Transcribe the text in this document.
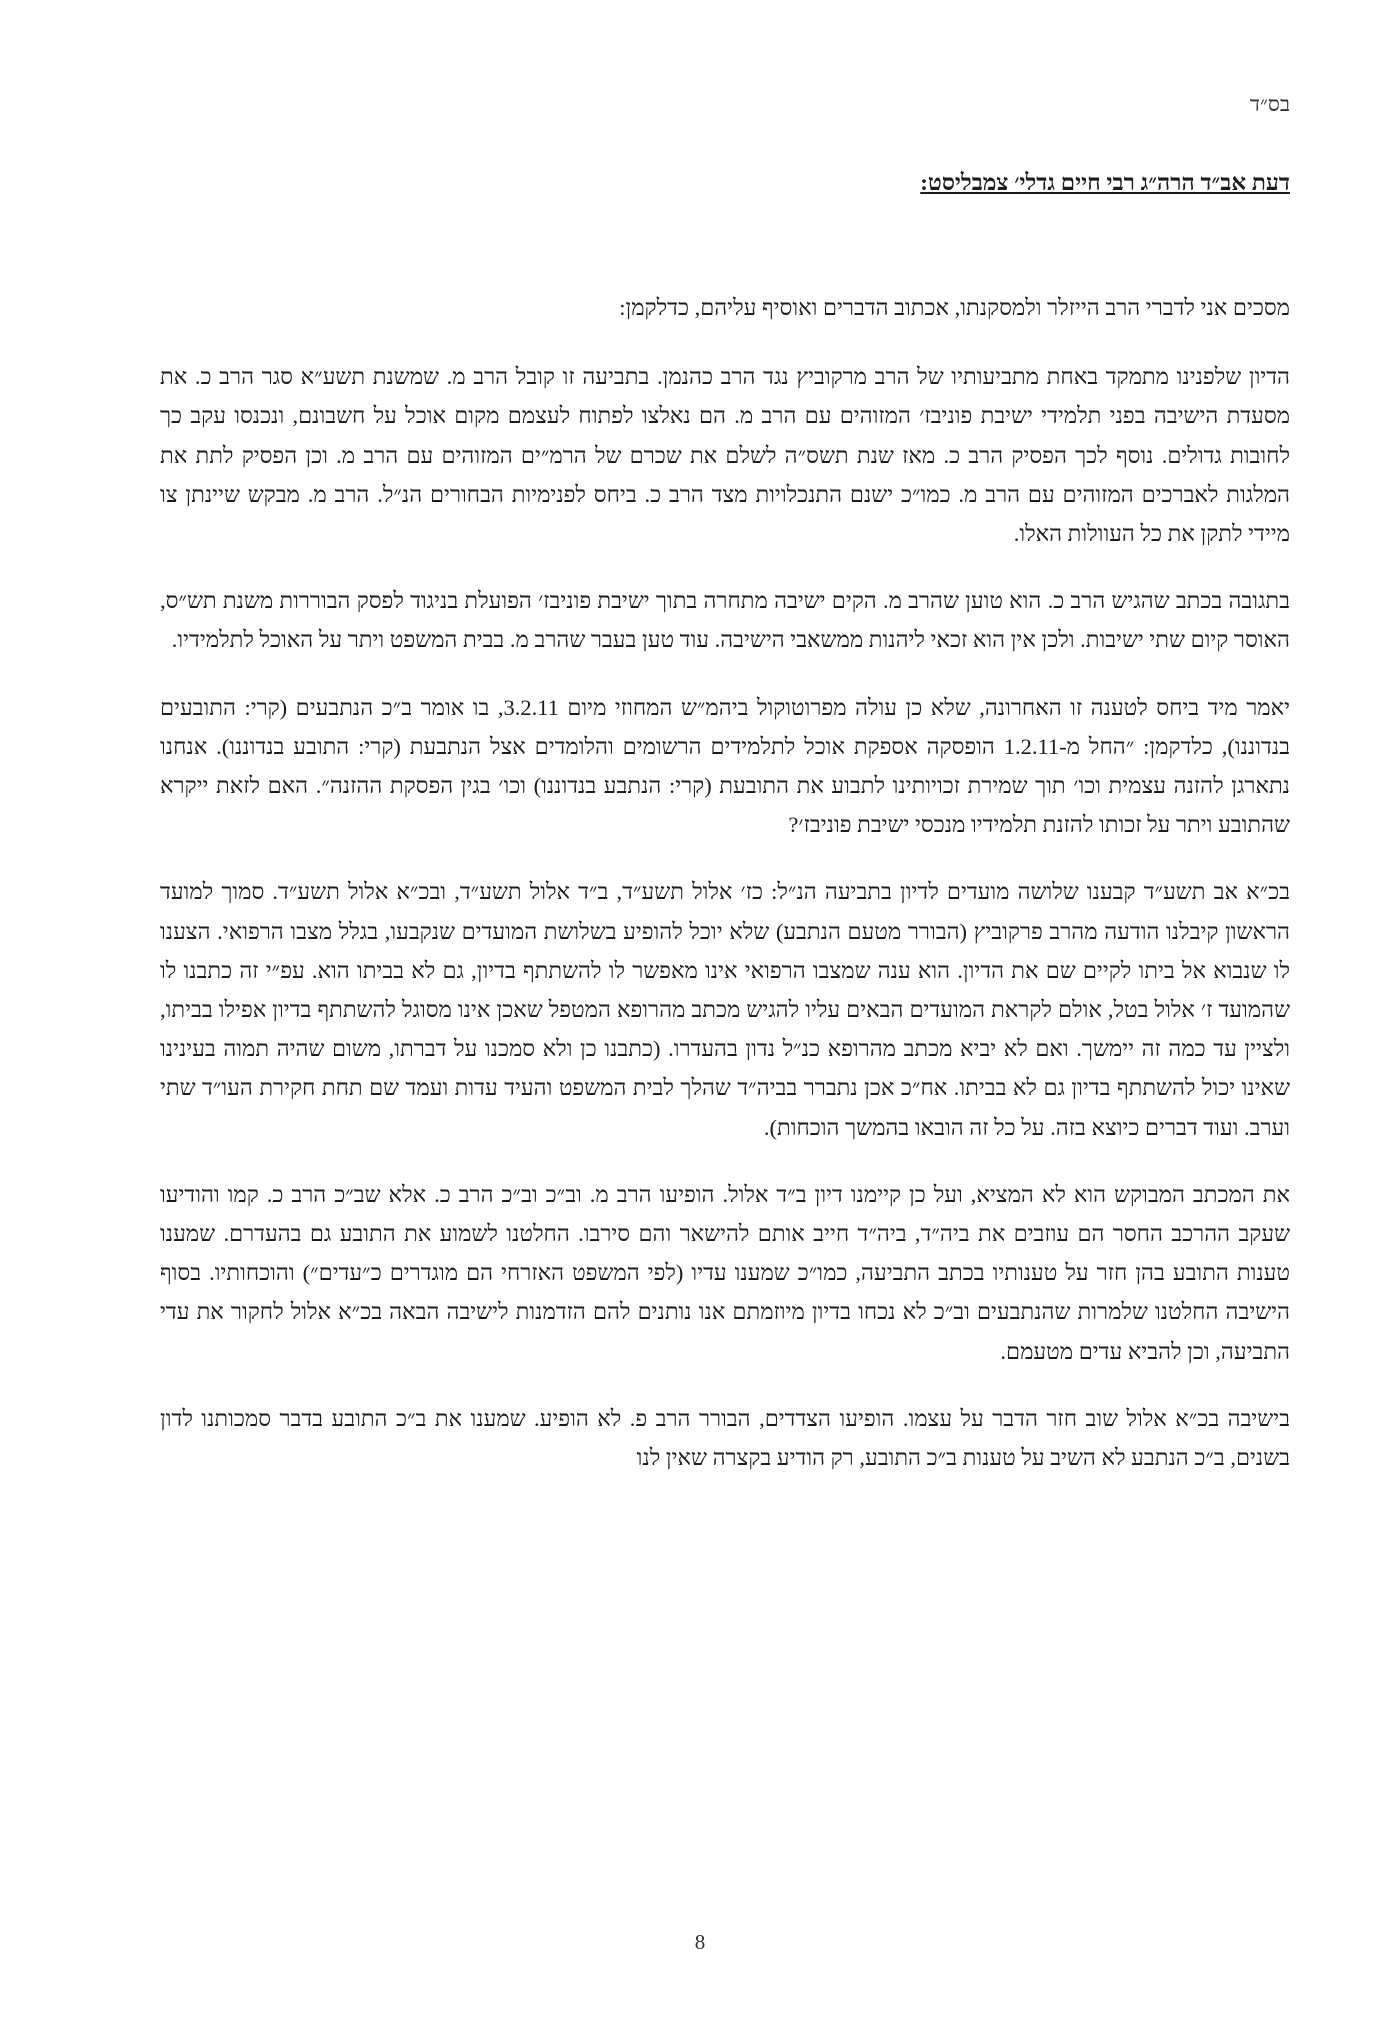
בס״ד
דעת אב״ד הרה״ג רבי חיים גדלי׳ צמבליסט:

מסכים אני לדברי הרב הייזלר ולמסקנתו, אכתוב הדברים ואוסיף עליהם, כדלקמן:

הדיון שלפנינו מתמקד באחת מתביעותיו של הרב מרקוביץ נגד הרב כהנמן. בתביעה זו קובל הרב מ. שמשנת תשע״א סגר הרב כ. את מסעדת הישיבה בפני תלמידי ישיבת פוניבז׳ המזוהים עם הרב מ. הם נאלצו לפתוח לעצמם מקום אוכל על חשבונם, ונכנסו עקב כך לחובות גדולים. נוסף לכך הפסיק הרב כ. מאז שנת תשס״ה לשלם את שכרם של הרמ״ים המזוהים עם הרב מ. וכן הפסיק לתת את המלגות לאברכים המזוהים עם הרב מ. כמו״כ ישנם התנכלויות מצד הרב כ. ביחס לפנימיות הבחורים הנ״ל. הרב מ. מבקש שיינתן צו מיידי לתקן את כל העוולות האלו.

בתגובה בכתב שהגיש הרב כ. הוא טוען שהרב מ. הקים ישיבה מתחרה בתוך ישיבת פוניבז׳ הפועלת בניגוד לפסק הבוררות משנת תש״ס, האוסר קיום שתי ישיבות. ולכן אין הוא זכאי ליהנות ממשאבי הישיבה. עוד טען בעבר שהרב מ. בבית המשפט ויתר על האוכל לתלמידיו.

יאמר מיד ביחס לטענה זו האחרונה, שלא כן עולה מפרוטוקול ביהמ״ש המחוזי מיום 3.2.11, בו אומר ב״כ הנתבעים (קרי: התובעים בנדוננו), כלדקמן: ״החל מ-1.2.11 הופסקה אספקת אוכל לתלמידים הרשומים והלומדים אצל הנתבעת (קרי: התובע בנדוננו). אנחנו נתארגן להזנה עצמית וכו׳ תוך שמירת זכויותינו לתבוע את התובעת (קרי: הנתבע בנדוננו) וכו׳ בגין הפסקת ההזנה״. האם לזאת ייקרא שהתובע ויתר על זכותו להזנת תלמידיו מנכסי ישיבת פוניבז׳?

בכ״א אב תשע״ד קבענו שלושה מועדים לדיון בתביעה הנ״ל: כז׳ אלול תשע״ד, ב״ד אלול תשע״ד, ובכ״א אלול תשע״ד. סמוך למועד הראשון קיבלנו הודעה מהרב פרקוביץ (הבורר מטעם הנתבע) שלא יוכל להופיע בשלושת המועדים שנקבעו, בגלל מצבו הרפואי. הצענו לו שנבוא אל ביתו לקיים שם את הדיון. הוא ענה שמצבו הרפואי אינו מאפשר לו להשתתף בדיון, גם לא בביתו הוא. עפ״י זה כתבנו לו שהמועד ז׳ אלול בטל, אולם לקראת המועדים הבאים עליו להגיש מכתב מהרופא המטפל שאכן אינו מסוגל להשתתף בדיון אפילו בביתו, ולציין עד כמה זה יימשך. ואם לא יביא מכתב מהרופא כנ״ל נדון בהעדרו. (כתבנו כן ולא סמכנו על דברתו, משום שהיה תמוה בעינינו שאינו יכול להשתתף בדיון גם לא בביתו. אח״כ אכן נתברר בביה״ד שהלך לבית המשפט והעיד עדות ועמד שם תחת חקירת העו״ד שתי וערב. ועוד דברים כיוצא בזה. על כל זה הובאו בהמשך הוכחות).

את המכתב המבוקש הוא לא המציא, ועל כן קיימנו דיון ב״ד אלול. הופיעו הרב מ. וב״כ וב״כ הרב כ. אלא שב״כ הרב כ. קמו והודיעו שעקב ההרכב החסר הם עוזבים את ביה״ד, ביה״ד חייב אותם להישאר והם סירבו. החלטנו לשמוע את התובע גם בהעדרם. שמענו טענות התובע בהן חזר על טענותיו בכתב התביעה, כמו״כ שמענו עדיו (לפי המשפט האזרחי הם מוגדרים כ״עדים״) והוכחותיו. בסוף הישיבה החלטנו שלמרות שהנתבעים וב״כ לא נכחו בדיון מיוזמתם אנו נותנים להם הזדמנות לישיבה הבאה בכ״א אלול לחקור את עדי התביעה, וכן להביא עדים מטעמם.

בישיבה בכ״א אלול שוב חזר הדבר על עצמו. הופיעו הצדדים, הבורר הרב פ. לא הופיע. שמענו את ב״כ התובע בדבר סמכותנו לדון בשנים, ב״כ הנתבע לא השיב על טענות ב״כ התובע, רק הודיע בקצרה שאין לנו

8
